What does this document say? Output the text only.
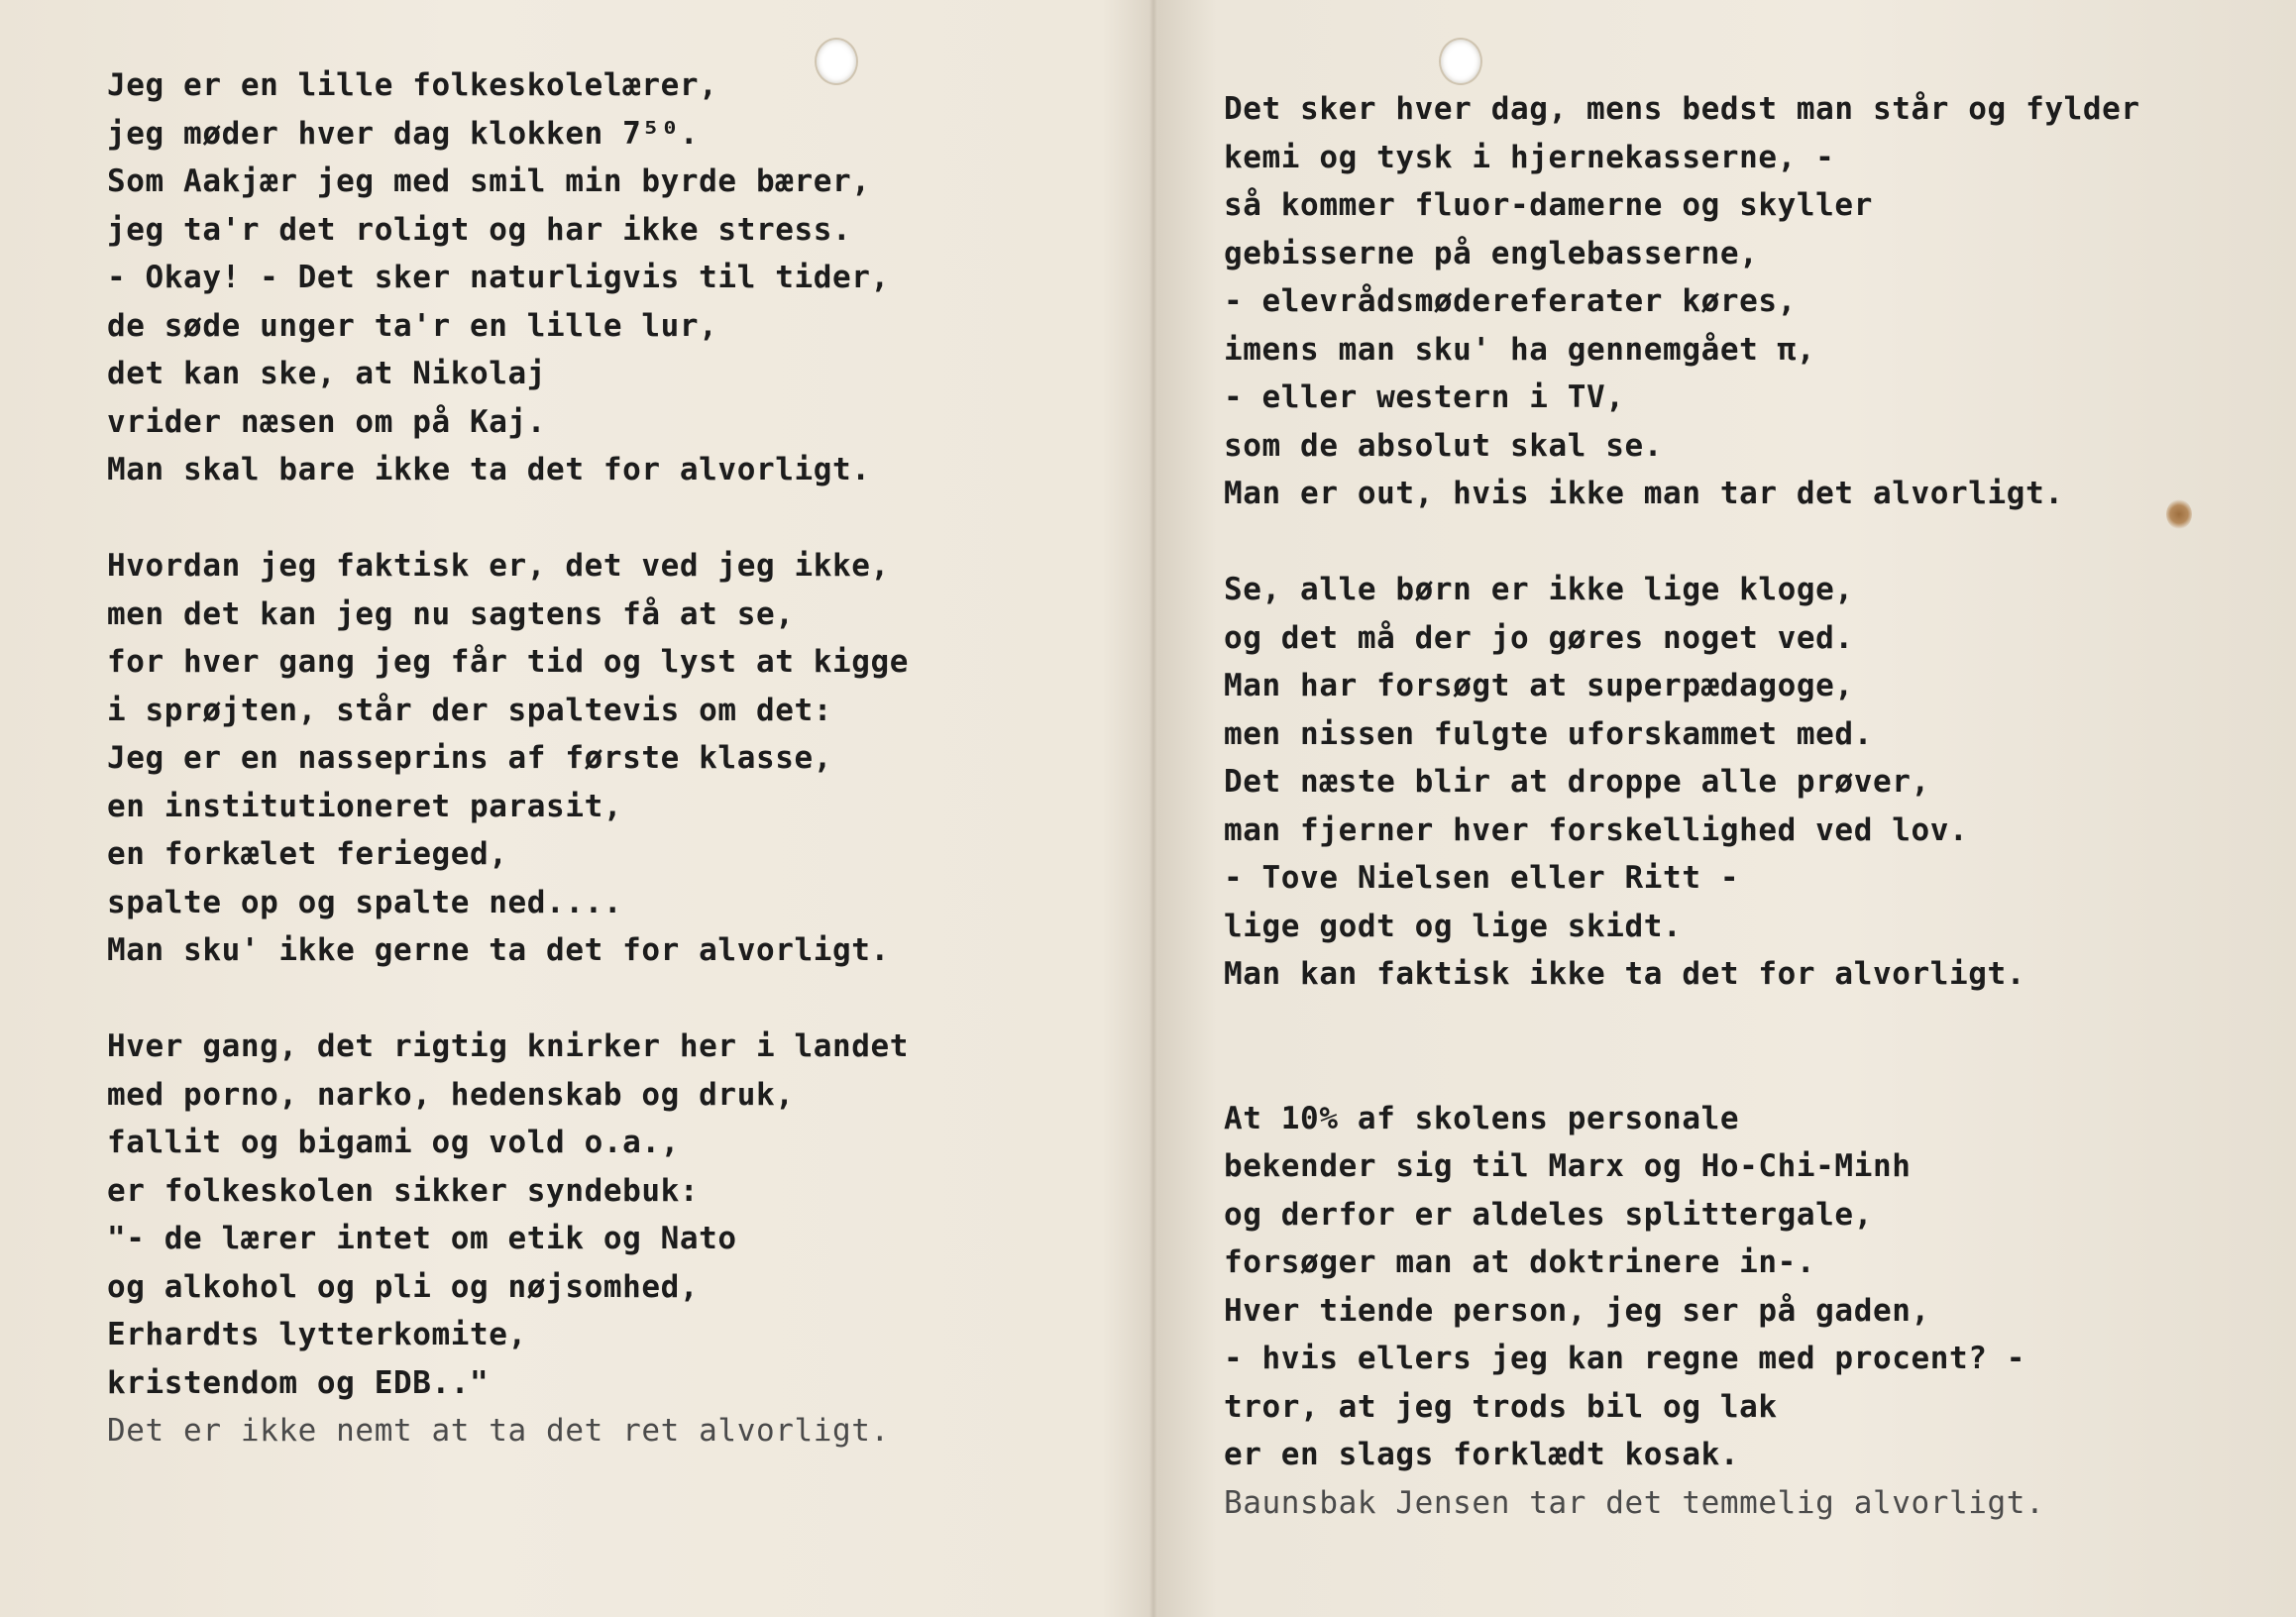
Jeg er en lille folkeskolelærer,
jeg møder hver dag klokken 7⁵⁰.
Som Aakjær jeg med smil min byrde bærer,
jeg ta'r det roligt og har ikke stress.
- Okay! - Det sker naturligvis til tider,
de søde unger ta'r en lille lur,
det kan ske, at Nikolaj
vrider næsen om på Kaj.
Man skal bare ikke ta det for alvorligt.
Hvordan jeg faktisk er, det ved jeg ikke,
men det kan jeg nu sagtens få at se,
for hver gang jeg får tid og lyst at kigge
i sprøjten, står der spaltevis om det:
Jeg er en nasseprins af første klasse,
en institutioneret parasit,
en forkælet ferieged,
spalte op og spalte ned....
Man sku' ikke gerne ta det for alvorligt.
Hver gang, det rigtig knirker her i landet
med porno, narko, hedenskab og druk,
fallit og bigami og vold o.a.,
er folkeskolen sikker syndebuk:
"- de lærer intet om etik og Nato
og alkohol og pli og nøjsomhed,
Erhardts lytterkomite,
kristendom og EDB.."
Det er ikke nemt at ta det ret alvorligt.
Det sker hver dag, mens bedst man står og fylder
kemi og tysk i hjernekasserne, -
så kommer fluor-damerne og skyller
gebisserne på englebasserne,
- elevrådsmødereferater køres,
imens man sku' ha gennemgået π,
- eller western i TV,
som de absolut skal se.
Man er out, hvis ikke man tar det alvorligt.
Se, alle børn er ikke lige kloge,
og det må der jo gøres noget ved.
Man har forsøgt at superpædagoge,
men nissen fulgte uforskammet med.
Det næste blir at droppe alle prøver,
man fjerner hver forskellighed ved lov.
- Tove Nielsen eller Ritt -
lige godt og lige skidt.
Man kan faktisk ikke ta det for alvorligt.
At 10% af skolens personale
bekender sig til Marx og Ho-Chi-Minh
og derfor er aldeles splittergale,
forsøger man at doktrinere in-.
Hver tiende person, jeg ser på gaden,
- hvis ellers jeg kan regne med procent? -
tror, at jeg trods bil og lak
er en slags forklædt kosak.
Baunsbak Jensen tar det temmelig alvorligt.
